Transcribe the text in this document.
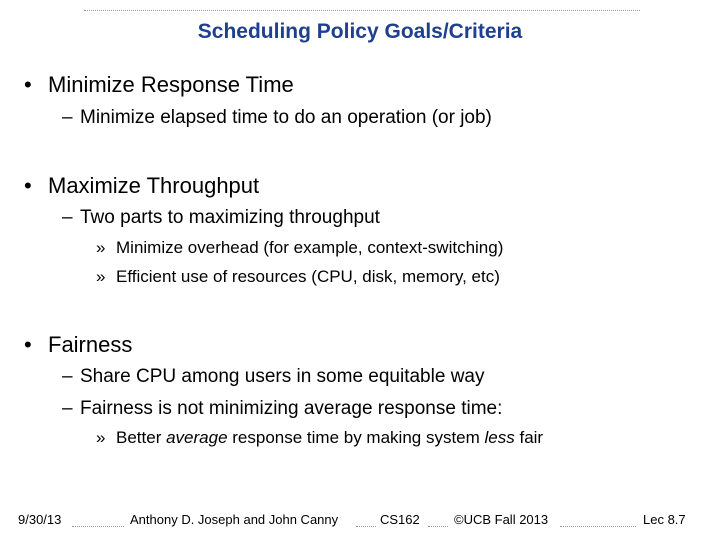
Scheduling Policy Goals/Criteria
• Minimize Response Time
– Minimize elapsed time to do an operation (or job)
• Maximize Throughput
– Two parts to maximizing throughput
» Minimize overhead (for example, context-switching)
» Efficient use of resources (CPU, disk, memory, etc)
• Fairness
– Share CPU among users in some equitable way
– Fairness is not minimizing average response time:
» Better average response time by making system less fair
9/30/13	Anthony D. Joseph and John Canny	CS162	©UCB Fall 2013	Lec 8.7
